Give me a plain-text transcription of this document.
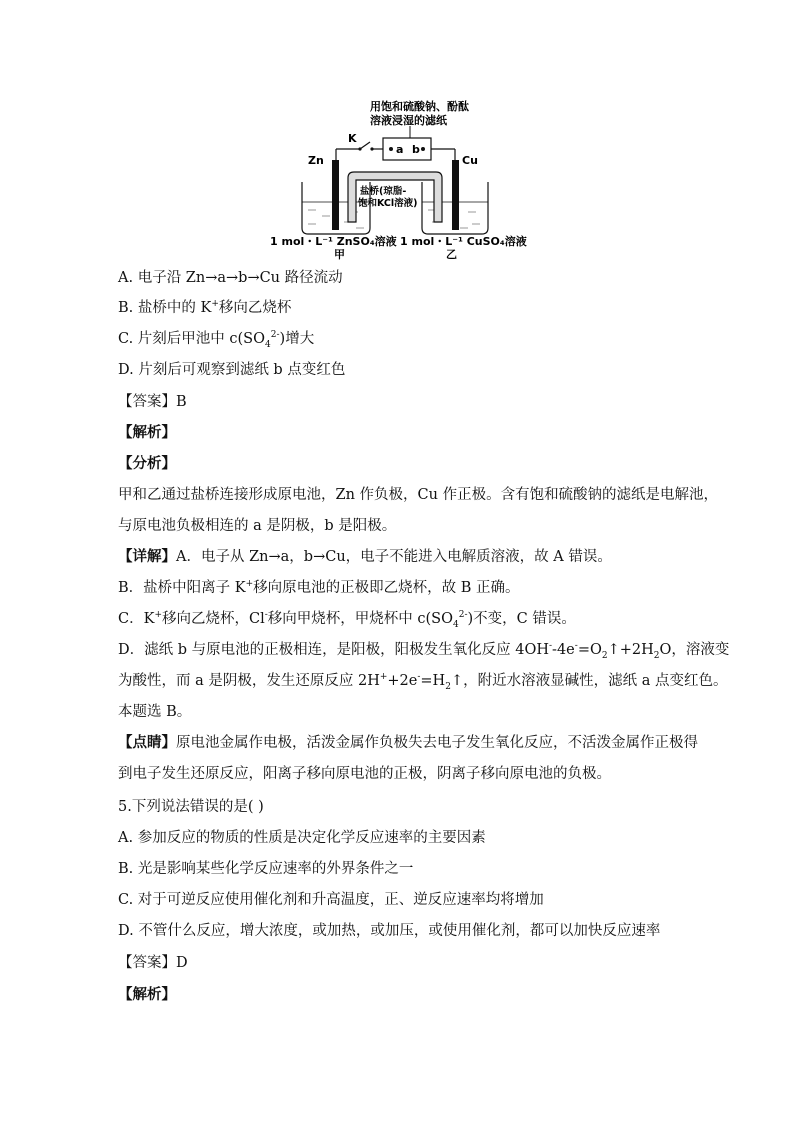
用饱和硫酸钠、酚酞
溶液浸湿的滤纸
a b
K
Zn	Cu
盐桥(琼脂-
饱和KCl溶液)
1 mol・L⁻¹ ZnSO₄溶液 1 mol・L⁻¹ CuSO₄溶液
甲	乙
A. 电子沿 Zn→a→b→Cu 路径流动
B. 盐桥中的 K+移向乙烧杯
C. 片刻后甲池中 $c(SO_4^{2-})$增大
D. 片刻后可观察到滤纸 b 点变红色
【答案】B
【解析】
【分析】
甲和乙通过盐桥连接形成原电池，Zn 作负极，Cu 作正极。含有饱和硫酸钠的滤纸是电解池，
与原电池负极相连的 a 是阴极，b 是阳极。
【详解】A．电子从 Zn→a，b→Cu，电子不能进入电解质溶液，故 A 错误。
B．盐桥中阳离子 K+移向原电池的正极即乙烧杯，故 B 正确。
C．K+移向乙烧杯，Cl-移向甲烧杯，甲烧杯中 $c(SO_4^{2-})$不变，C 错误。
D．滤纸 b 与原电池的正极相连，是阳极，阳极发生氧化反应 $4OH^--4e^-=O_2↑+2H_2O$，溶液变
为酸性，而 a 是阴极，发生还原反应 $2H^++2e^-=H_2↑$，附近水溶液显碱性，滤纸 a 点变红色。
本题选 B。
【点睛】原电池金属作电极，活泼金属作负极失去电子发生氧化反应，不活泼金属作正极得
到电子发生还原反应，阳离子移向原电池的正极，阴离子移向原电池的负极。
5.下列说法错误的是( )
A. 参加反应的物质的性质是决定化学反应速率的主要因素
B. 光是影响某些化学反应速率的外界条件之一
C. 对于可逆反应使用催化剂和升高温度，正、逆反应速率均将增加
D. 不管什么反应，增大浓度，或加热，或加压，或使用催化剂，都可以加快反应速率
【答案】D
【解析】
